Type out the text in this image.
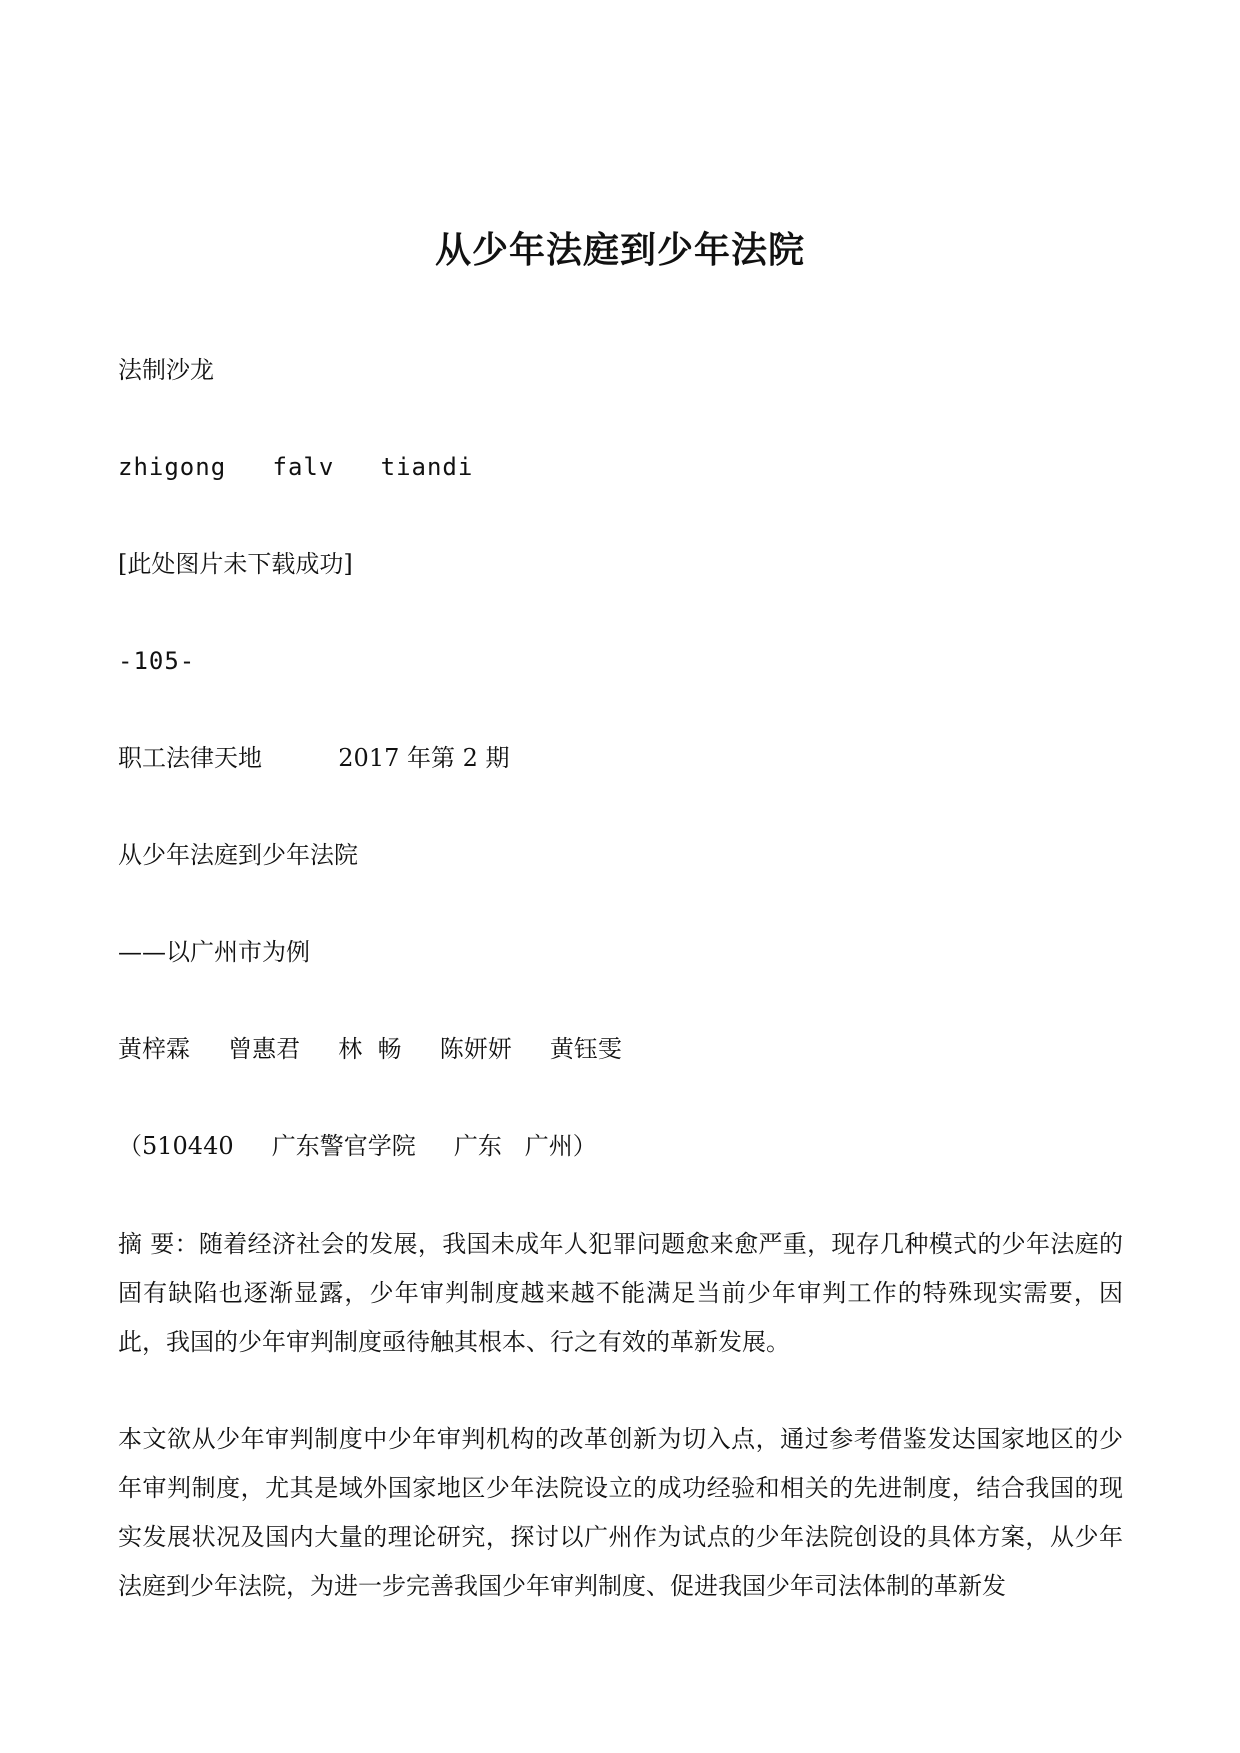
从少年法庭到少年法院
法制沙龙
zhigong   falv   tiandi
[此处图片未下载成功]
-105-
职工法律天地          2017 年第 2 期
从少年法庭到少年法院
——以广州市为例
黄梓霖     曾惠君     林  畅     陈妍妍     黄钰雯
（510440     广东警官学院     广东   广州）
摘 要：随着经济社会的发展，我国未成年人犯罪问题愈来愈严重，现存几种模式的少年法庭的固有缺陷也逐渐显露，少年审判制度越来越不能满足当前少年审判工作的特殊现实需要，因此，我国的少年审判制度亟待触其根本、行之有效的革新发展。
本文欲从少年审判制度中少年审判机构的改革创新为切入点，通过参考借鉴发达国家地区的少年审判制度，尤其是域外国家地区少年法院设立的成功经验和相关的先进制度，结合我国的现实发展状况及国内大量的理论研究，探讨以广州作为试点的少年法院创设的具体方案，从少年法庭到少年法院，为进一步完善我国少年审判制度、促进我国少年司法体制的革新发
